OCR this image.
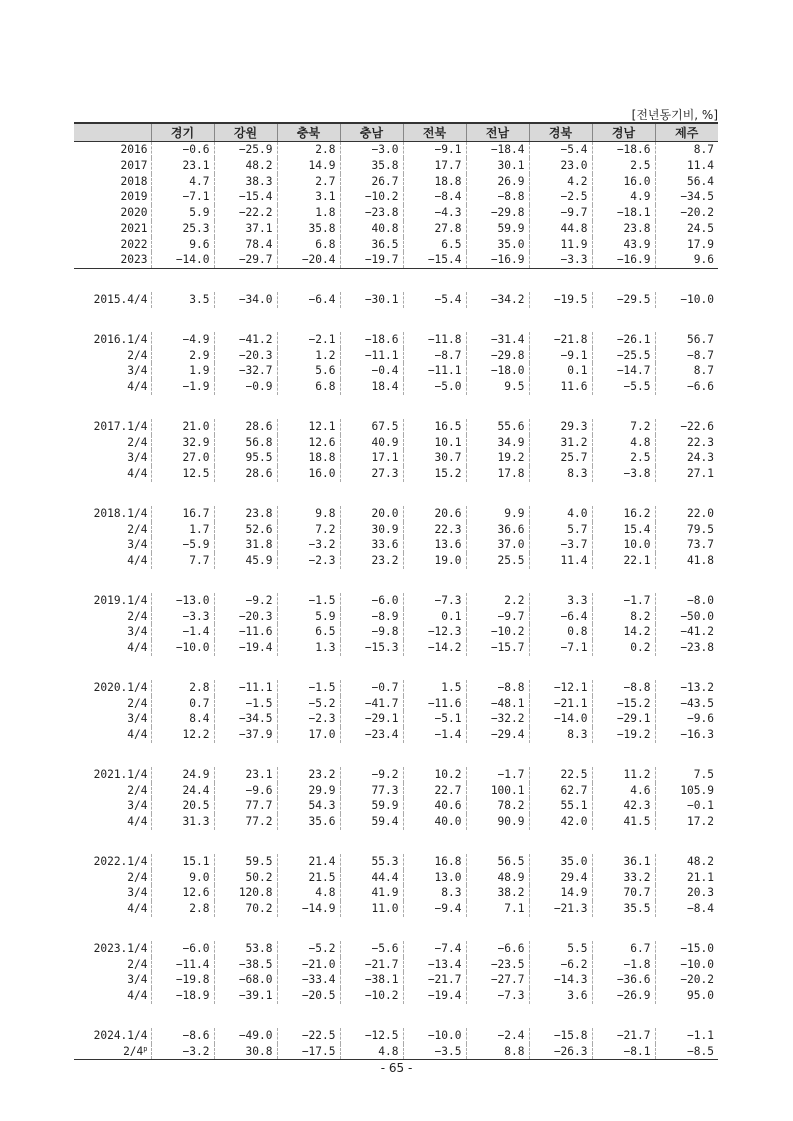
[전년동기비, %]
	경기	강원	충북	충남	전북	전남	경북	경남	제주
2016	−0.6	−25.9	2.8	−3.0	−9.1	−18.4	−5.4	−18.6	8.7
2017	23.1	48.2	14.9	35.8	17.7	30.1	23.0	2.5	11.4
2018	4.7	38.3	2.7	26.7	18.8	26.9	4.2	16.0	56.4
2019	−7.1	−15.4	3.1	−10.2	−8.4	−8.8	−2.5	4.9	−34.5
2020	5.9	−22.2	1.8	−23.8	−4.3	−29.8	−9.7	−18.1	−20.2
2021	25.3	37.1	35.8	40.8	27.8	59.9	44.8	23.8	24.5
2022	9.6	78.4	6.8	36.5	6.5	35.0	11.9	43.9	17.9
2023	−14.0	−29.7	−20.4	−19.7	−15.4	−16.9	−3.3	−16.9	9.6

2015.4/4	3.5	−34.0	−6.4	−30.1	−5.4	−34.2	−19.5	−29.5	−10.0

2016.1/4	−4.9	−41.2	−2.1	−18.6	−11.8	−31.4	−21.8	−26.1	56.7
2/4	2.9	−20.3	1.2	−11.1	−8.7	−29.8	−9.1	−25.5	−8.7
3/4	1.9	−32.7	5.6	−0.4	−11.1	−18.0	0.1	−14.7	8.7
4/4	−1.9	−0.9	6.8	18.4	−5.0	9.5	11.6	−5.5	−6.6

2017.1/4	21.0	28.6	12.1	67.5	16.5	55.6	29.3	7.2	−22.6
2/4	32.9	56.8	12.6	40.9	10.1	34.9	31.2	4.8	22.3
3/4	27.0	95.5	18.8	17.1	30.7	19.2	25.7	2.5	24.3
4/4	12.5	28.6	16.0	27.3	15.2	17.8	8.3	−3.8	27.1

2018.1/4	16.7	23.8	9.8	20.0	20.6	9.9	4.0	16.2	22.0
2/4	1.7	52.6	7.2	30.9	22.3	36.6	5.7	15.4	79.5
3/4	−5.9	31.8	−3.2	33.6	13.6	37.0	−3.7	10.0	73.7
4/4	7.7	45.9	−2.3	23.2	19.0	25.5	11.4	22.1	41.8

2019.1/4	−13.0	−9.2	−1.5	−6.0	−7.3	2.2	3.3	−1.7	−8.0
2/4	−3.3	−20.3	5.9	−8.9	0.1	−9.7	−6.4	8.2	−50.0
3/4	−1.4	−11.6	6.5	−9.8	−12.3	−10.2	0.8	14.2	−41.2
4/4	−10.0	−19.4	1.3	−15.3	−14.2	−15.7	−7.1	0.2	−23.8

2020.1/4	2.8	−11.1	−1.5	−0.7	1.5	−8.8	−12.1	−8.8	−13.2
2/4	0.7	−1.5	−5.2	−41.7	−11.6	−48.1	−21.1	−15.2	−43.5
3/4	8.4	−34.5	−2.3	−29.1	−5.1	−32.2	−14.0	−29.1	−9.6
4/4	12.2	−37.9	17.0	−23.4	−1.4	−29.4	8.3	−19.2	−16.3

2021.1/4	24.9	23.1	23.2	−9.2	10.2	−1.7	22.5	11.2	7.5
2/4	24.4	−9.6	29.9	77.3	22.7	100.1	62.7	4.6	105.9
3/4	20.5	77.7	54.3	59.9	40.6	78.2	55.1	42.3	−0.1
4/4	31.3	77.2	35.6	59.4	40.0	90.9	42.0	41.5	17.2

2022.1/4	15.1	59.5	21.4	55.3	16.8	56.5	35.0	36.1	48.2
2/4	9.0	50.2	21.5	44.4	13.0	48.9	29.4	33.2	21.1
3/4	12.6	120.8	4.8	41.9	8.3	38.2	14.9	70.7	20.3
4/4	2.8	70.2	−14.9	11.0	−9.4	7.1	−21.3	35.5	−8.4

2023.1/4	−6.0	53.8	−5.2	−5.6	−7.4	−6.6	5.5	6.7	−15.0
2/4	−11.4	−38.5	−21.0	−21.7	−13.4	−23.5	−6.2	−1.8	−10.0
3/4	−19.8	−68.0	−33.4	−38.1	−21.7	−27.7	−14.3	−36.6	−20.2
4/4	−18.9	−39.1	−20.5	−10.2	−19.4	−7.3	3.6	−26.9	95.0

2024.1/4	−8.6	−49.0	−22.5	−12.5	−10.0	−2.4	−15.8	−21.7	−1.1
$2/4^p$	−3.2	30.8	−17.5	4.8	−3.5	8.8	−26.3	−8.1	−8.5
- 65 -
